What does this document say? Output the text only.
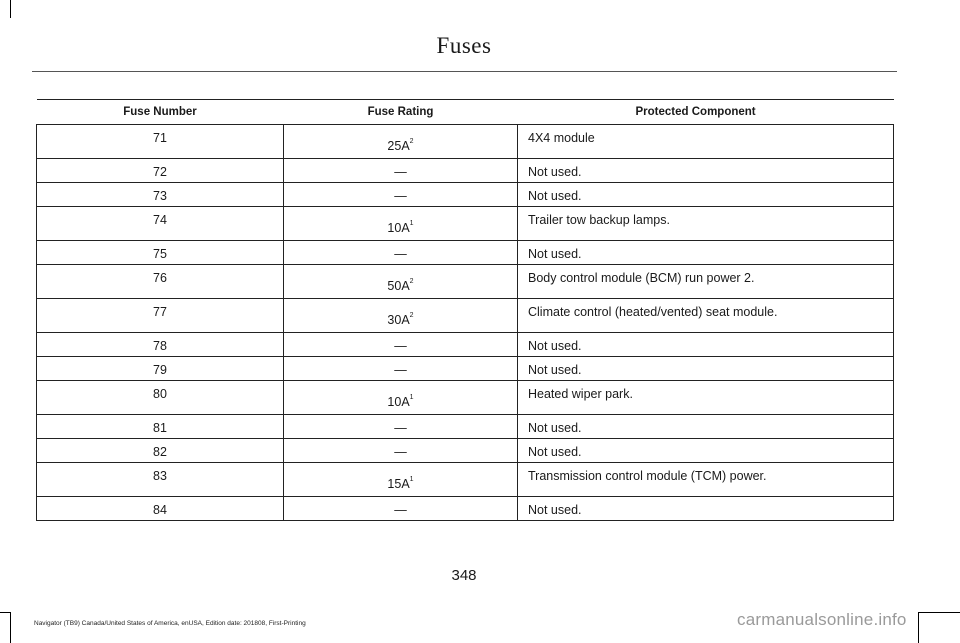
Fuses
Fuse Number	Fuse Rating	Protected Component
71	$25A^2$	4X4 module
72	—	Not used.
73	—	Not used.
74	$10A^1$	Trailer tow backup lamps.
75	—	Not used.
76	$50A^2$	Body control module (BCM) run power 2.
77	$30A^2$	Climate control (heated/vented) seat module.
78	—	Not used.
79	—	Not used.
80	$10A^1$	Heated wiper park.
81	—	Not used.
82	—	Not used.
83	$15A^1$	Transmission control module (TCM) power.
84	—	Not used.
348
Navigator (TB9) Canada/United States of America, enUSA, Edition date: 201808, First-Printing	carmanualsonline.info
